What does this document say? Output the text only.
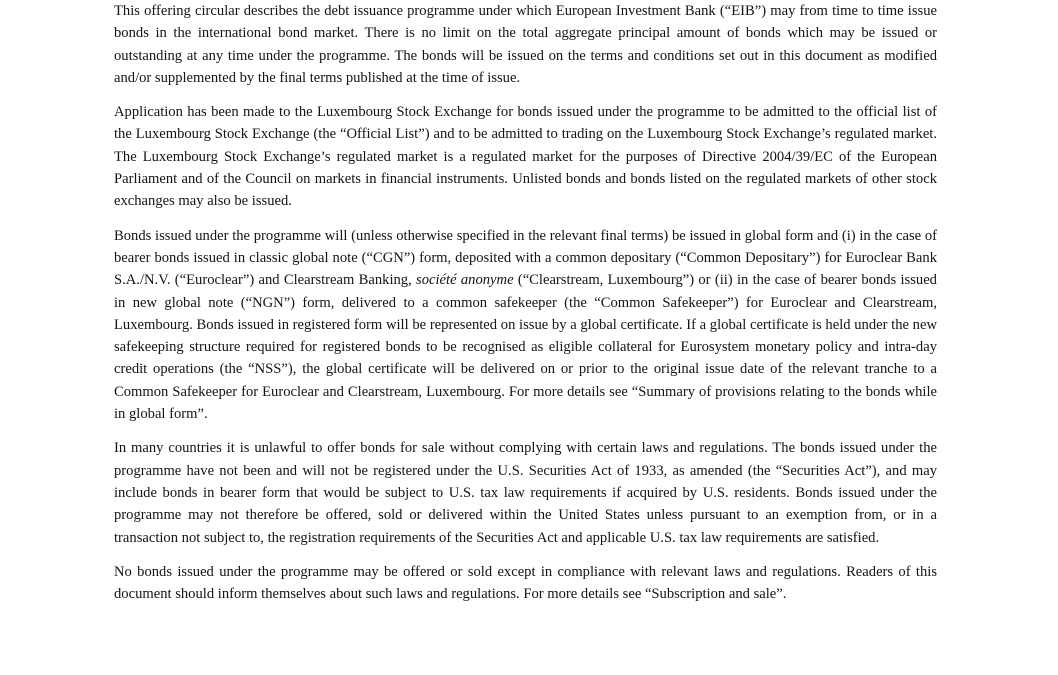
This offering circular describes the debt issuance programme under which European Investment Bank (“EIB”) may from time to time issue bonds in the international bond market. There is no limit on the total aggregate principal amount of bonds which may be issued or outstanding at any time under the programme. The bonds will be issued on the terms and conditions set out in this document as modified and/or supplemented by the final terms published at the time of issue.

Application has been made to the Luxembourg Stock Exchange for bonds issued under the programme to be admitted to the official list of the Luxembourg Stock Exchange (the “Official List”) and to be admitted to trading on the Luxembourg Stock Exchange’s regulated market. The Luxembourg Stock Exchange’s regulated market is a regulated market for the purposes of Directive 2004/39/EC of the European Parliament and of the Council on markets in financial instruments. Unlisted bonds and bonds listed on the regulated markets of other stock exchanges may also be issued.

Bonds issued under the programme will (unless otherwise specified in the relevant final terms) be issued in global form and (i) in the case of bearer bonds issued in classic global note (“CGN”) form, deposited with a common depositary (“Common Depositary”) for Euroclear Bank S.A./N.V. (“Euroclear”) and Clearstream Banking, société anonyme (“Clearstream, Luxembourg”) or (ii) in the case of bearer bonds issued in new global note (“NGN”) form, delivered to a common safekeeper (the “Common Safekeeper”) for Euroclear and Clearstream, Luxembourg. Bonds issued in registered form will be represented on issue by a global certificate. If a global certificate is held under the new safekeeping structure required for registered bonds to be recognised as eligible collateral for Eurosystem monetary policy and intra-day credit operations (the “NSS”), the global certificate will be delivered on or prior to the original issue date of the relevant tranche to a Common Safekeeper for Euroclear and Clearstream, Luxembourg. For more details see “Summary of provisions relating to the bonds while in global form”.

In many countries it is unlawful to offer bonds for sale without complying with certain laws and regulations. The bonds issued under the programme have not been and will not be registered under the U.S. Securities Act of 1933, as amended (the “Securities Act”), and may include bonds in bearer form that would be subject to U.S. tax law requirements if acquired by U.S. residents. Bonds issued under the programme may not therefore be offered, sold or delivered within the United States unless pursuant to an exemption from, or in a transaction not subject to, the registration requirements of the Securities Act and applicable U.S. tax law requirements are satisfied.

No bonds issued under the programme may be offered or sold except in compliance with relevant laws and regulations. Readers of this document should inform themselves about such laws and regulations. For more details see “Subscription and sale”.
